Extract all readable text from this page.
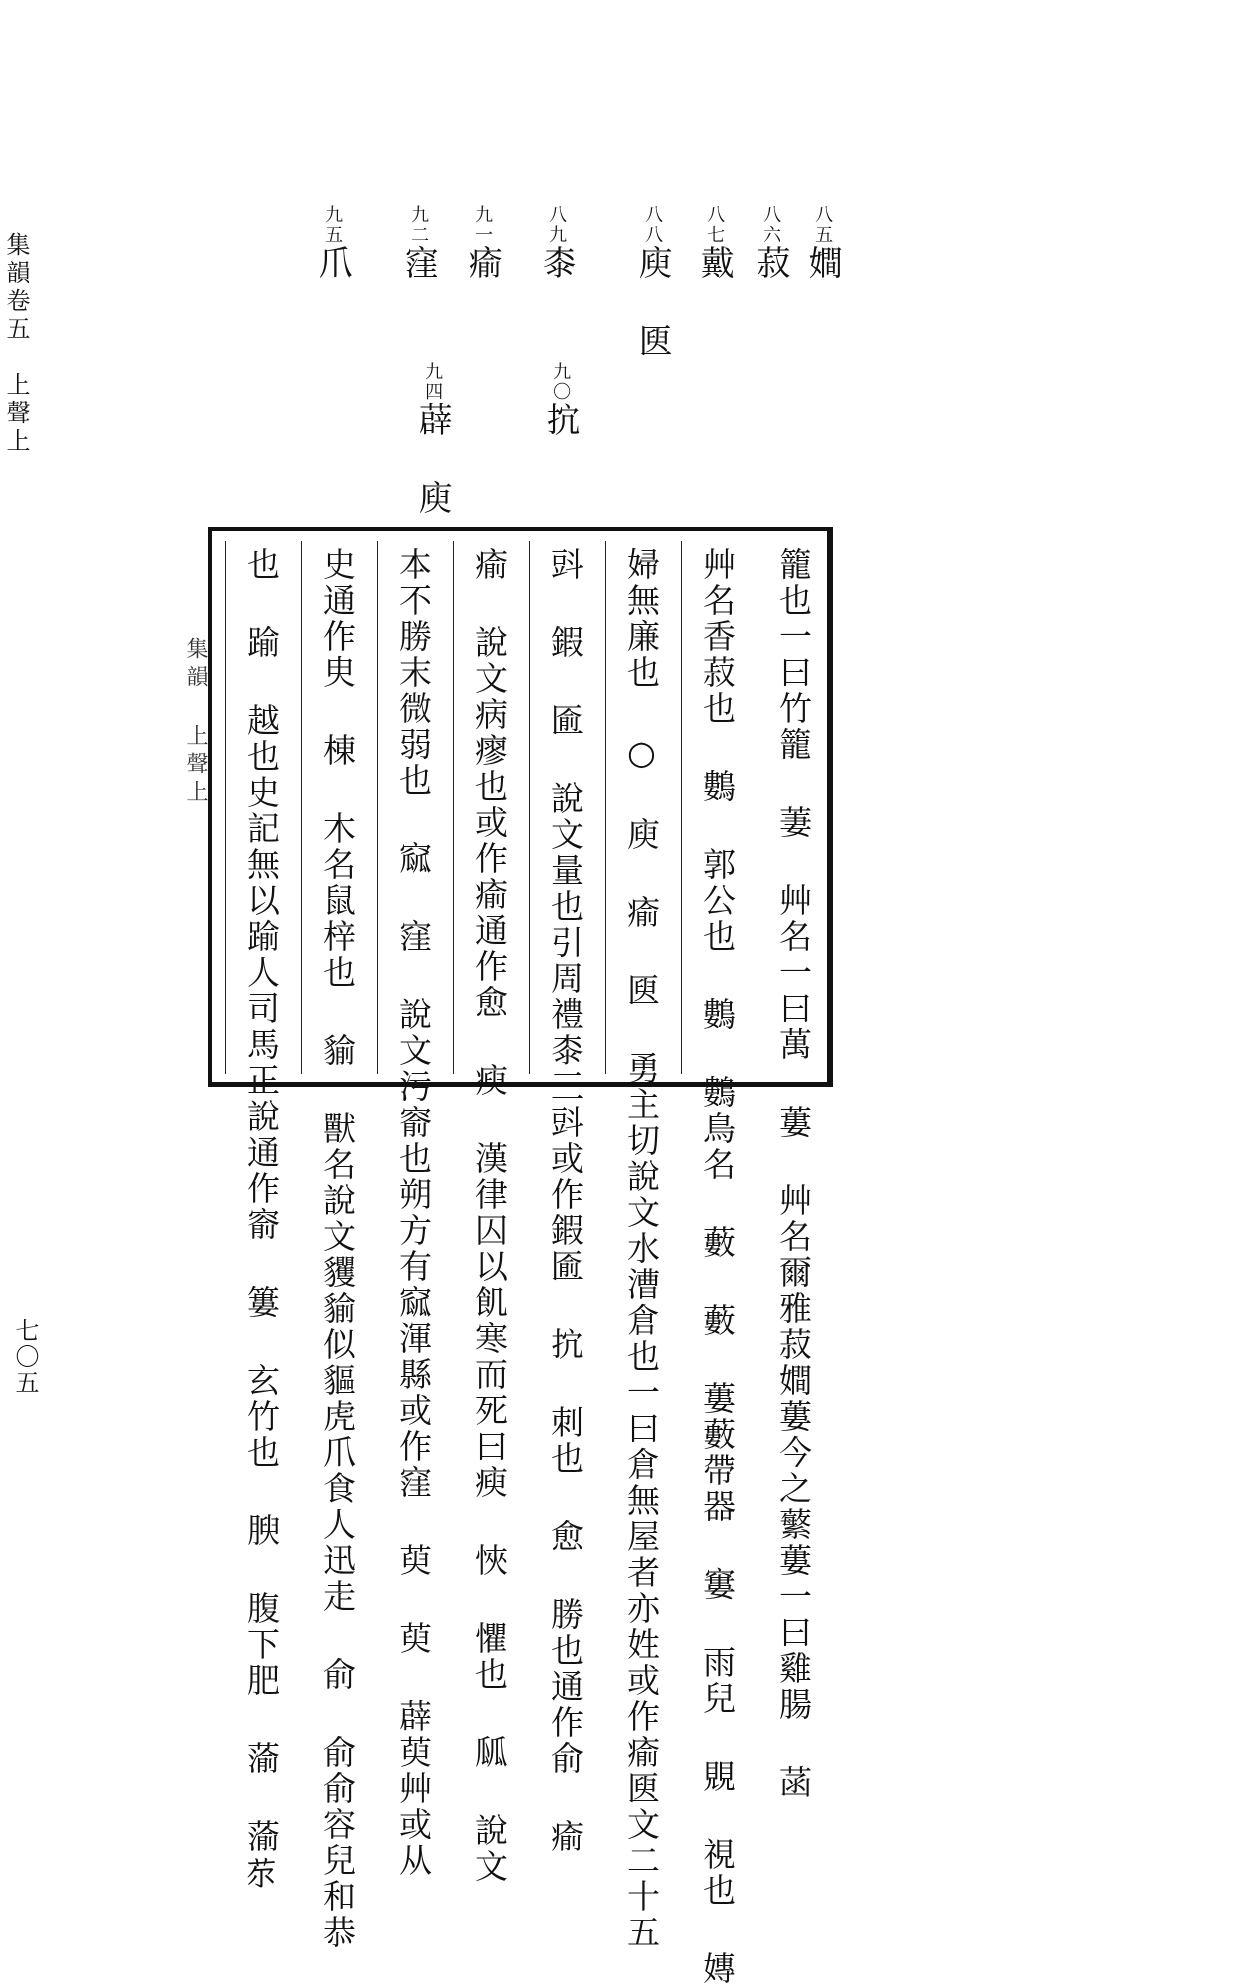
集韻卷五　上聲上
七〇五
八五𡢃
八六菽
八七戴
八八庾 㔱
八九桼
九〇抭
九一瘉
九二窪
九四薜 庾
九五爪
集韻 上聲上	籠也一曰竹籠 萋 艸名一曰萬 蔞 艸名爾雅菽𡢃蔞今之蘩蔞一曰雞腸 菡
艸名香菽也 鷜 郭公也 鷜 鷜鳥名 藪 藪 蔞藪帶器 窶 雨兒 覞 視也 嫥
婦無廉也 ○ 庾 瘉 㔱 勇主切說文水漕倉也一曰倉無屋者亦姓或作瘉㔱文二十五
㪷 鍜 匬 說文量也引周禮桼三㪷或作鍜匬 抭 刺也 愈 勝也通作俞 瘉
瘉 說文病瘳也或作瘉通作愈 瘐 漢律囚以飢寒而死曰瘐 悏 懼也 㼌 說文
本不勝末微弱也 窳 窪 說文污窬也朔方有窳渾縣或作窪 萸 萸 薜萸艸或从
史通作㬰 棟 木名鼠梓也 貐 獸名說文貜貐似貙虎爪食人迅走 俞 俞俞容兒和恭
也 踰 越也史記無以踰人司馬正說通作窬 簍 玄竹也 腴 腹下肥 蕍 蕍𦬼
